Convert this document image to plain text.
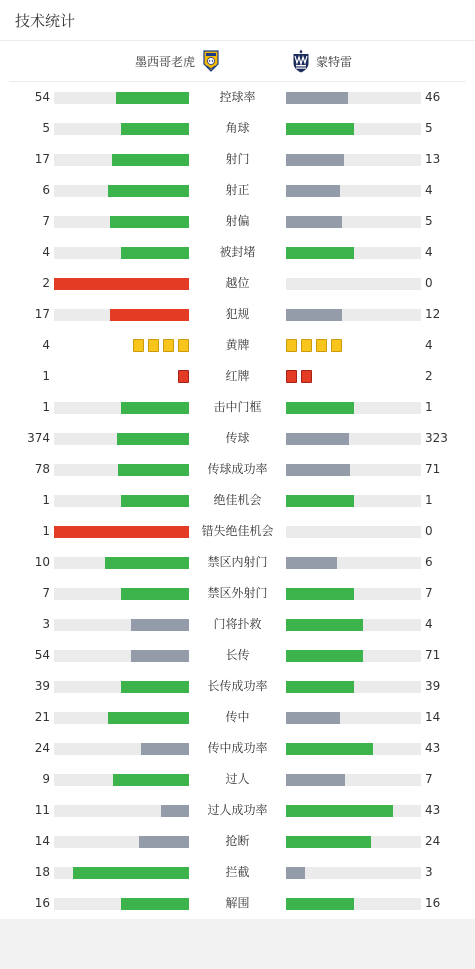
技术统计
墨西哥老虎	蒙特雷
54	控球率	46
5	角球	5
17	射门	13
6	射正	4
7	射偏	5
4	被封堵	4
2	越位	0
17	犯规	12
4	黄牌	4
1	红牌	2
1	击中门框	1
374	传球	323
78	传球成功率	71
1	绝佳机会	1
1	错失绝佳机会	0
10	禁区内射门	6
7	禁区外射门	7
3	门将扑救	4
54	长传	71
39	长传成功率	39
21	传中	14
24	传中成功率	43
9	过人	7
11	过人成功率	43
14	抢断	24
18	拦截	3
16	解围	16
